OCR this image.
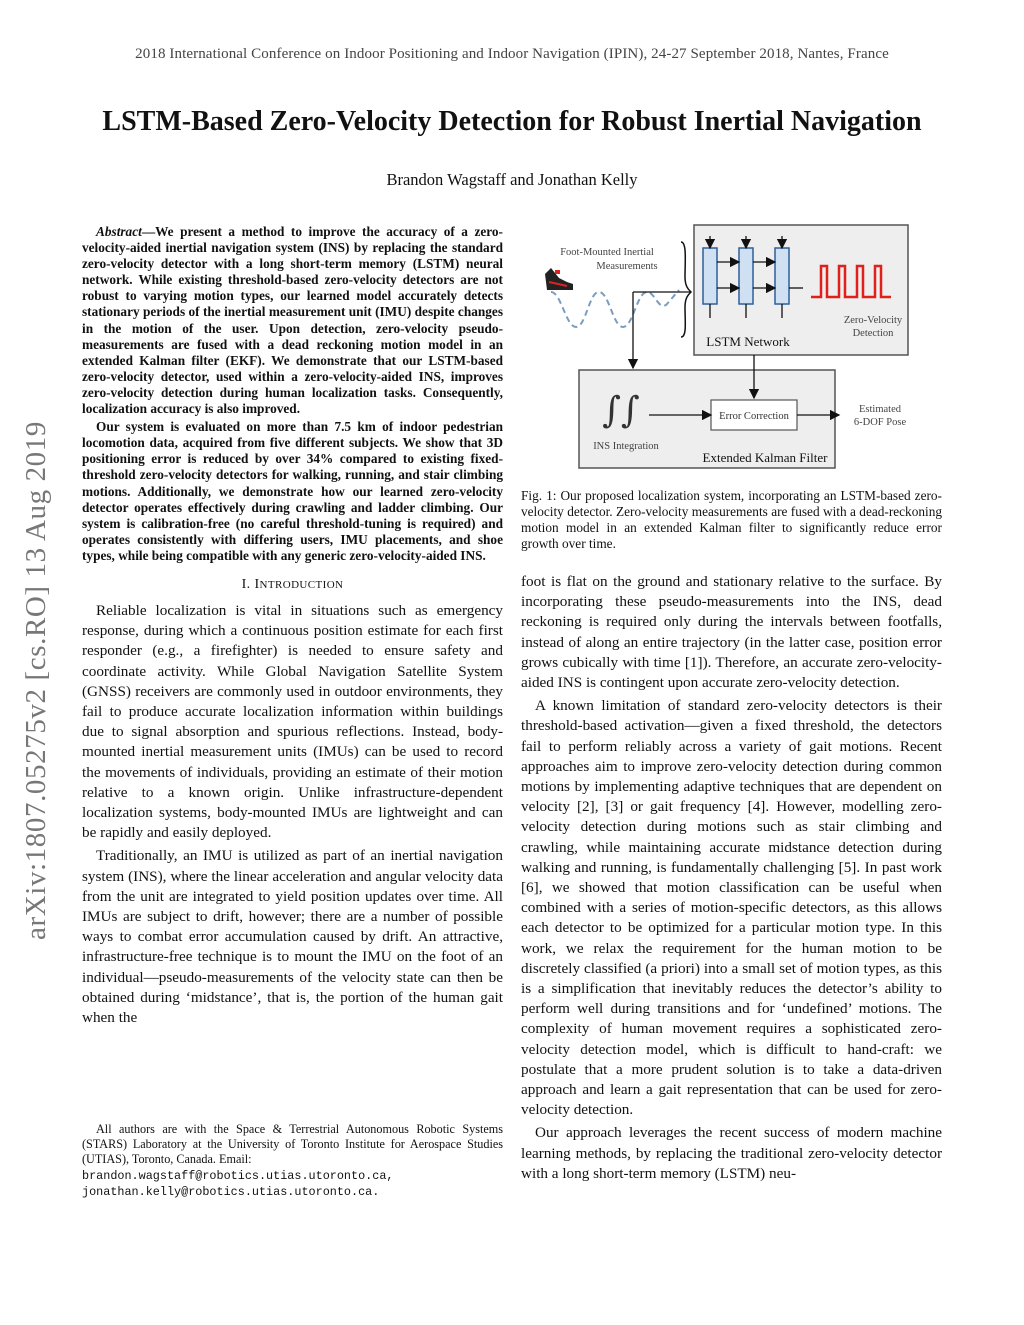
2018 International Conference on Indoor Positioning and Indoor Navigation (IPIN), 24-27 September 2018, Nantes, France
LSTM-Based Zero-Velocity Detection for Robust Inertial Navigation
Brandon Wagstaff and Jonathan Kelly
arXiv:1807.05275v2 [cs.RO] 13 Aug 2019

Abstract—We present a method to improve the accuracy of a zero-velocity-aided inertial navigation system (INS) by replacing the standard zero-velocity detector with a long short-term memory (LSTM) neural network. While existing threshold-based zero-velocity detectors are not robust to varying motion types, our learned model accurately detects stationary periods of the inertial measurement unit (IMU) despite changes in the motion of the user. Upon detection, zero-velocity pseudo-measurements are fused with a dead reckoning motion model in an extended Kalman filter (EKF). We demonstrate that our LSTM-based zero-velocity detector, used within a zero-velocity-aided INS, improves zero-velocity detection during human localization tasks. Consequently, localization accuracy is also improved.

Our system is evaluated on more than 7.5 km of indoor pedestrian locomotion data, acquired from five different subjects. We show that 3D positioning error is reduced by over 34% compared to existing fixed-threshold zero-velocity detectors for walking, running, and stair climbing motions. Additionally, we demonstrate how our learned zero-velocity detector operates effectively during crawling and ladder climbing. Our system is calibration-free (no careful threshold-tuning is required) and operates consistently with differing users, IMU placements, and shoe types, while being compatible with any generic zero-velocity-aided INS.

I. INTRODUCTION

Reliable localization is vital in situations such as emergency response, during which a continuous position estimate for each first responder (e.g., a firefighter) is needed to ensure safety and coordinate activity. While Global Navigation Satellite System (GNSS) receivers are commonly used in outdoor environments, they fail to produce accurate localization information within buildings due to signal absorption and spurious reflections. Instead, body-mounted inertial measurement units (IMUs) can be used to record the movements of individuals, providing an estimate of their motion relative to a known origin. Unlike infrastructure-dependent localization systems, body-mounted IMUs are lightweight and can be rapidly and easily deployed.

Traditionally, an IMU is utilized as part of an inertial navigation system (INS), where the linear acceleration and angular velocity data from the unit are integrated to yield position updates over time. All IMUs are subject to drift, however; there are a number of possible ways to combat error accumulation caused by drift. An attractive, infrastructure-free technique is to mount the IMU on the foot of an individual—pseudo-measurements of the velocity state can then be obtained during ‘midstance’, that is, the portion of the human gait when the

All authors are with the Space & Terrestrial Autonomous Robotic Systems (STARS) Laboratory at the University of Toronto Institute for Aerospace Studies (UTIAS), Toronto, Canada. Email:
brandon.wagstaff@robotics.utias.utoronto.ca,
jonathan.kelly@robotics.utias.utoronto.ca.
Foot-Mounted Inertial
Measurements
LSTM Network
Zero-Velocity
Detection
∫∫
INS Integration
Error Correction
Extended Kalman Filter
Estimated
6-DOF Pose
Fig. 1: Our proposed localization system, incorporating an LSTM-based zero-velocity detector. Zero-velocity measurements are fused with a dead-reckoning motion model in an extended Kalman filter to significantly reduce error growth over time.

foot is flat on the ground and stationary relative to the surface. By incorporating these pseudo-measurements into the INS, dead reckoning is required only during the intervals between footfalls, instead of along an entire trajectory (in the latter case, position error grows cubically with time [1]). Therefore, an accurate zero-velocity-aided INS is contingent upon accurate zero-velocity detection.

A known limitation of standard zero-velocity detectors is their threshold-based activation—given a fixed threshold, the detectors fail to perform reliably across a variety of gait motions. Recent approaches aim to improve zero-velocity detection during common motions by implementing adaptive techniques that are dependent on velocity [2], [3] or gait frequency [4]. However, modelling zero-velocity detection during motions such as stair climbing and crawling, while maintaining accurate midstance detection during walking and running, is fundamentally challenging [5]. In past work [6], we showed that motion classification can be useful when combined with a series of motion-specific detectors, as this allows each detector to be optimized for a particular motion type. In this work, we relax the requirement for the human motion to be discretely classified (a priori) into a small set of motion types, as this is a simplification that inevitably reduces the detector’s ability to perform well during transitions and for ‘undefined’ motions. The complexity of human movement requires a sophisticated zero-velocity detection model, which is difficult to hand-craft: we postulate that a more prudent solution is to take a data-driven approach and learn a gait representation that can be used for zero-velocity detection.

Our approach leverages the recent success of modern machine learning methods, by replacing the traditional zero-velocity detector with a long short-term memory (LSTM) neu-
